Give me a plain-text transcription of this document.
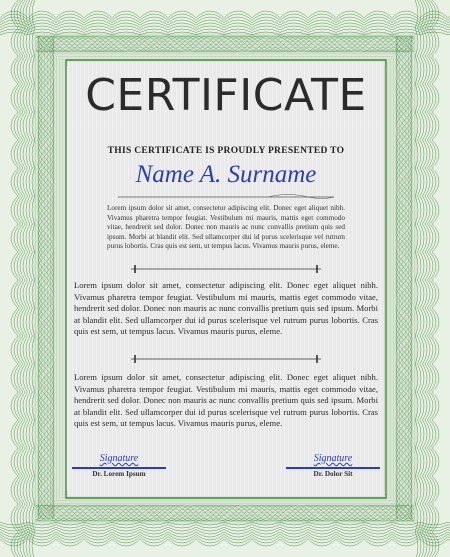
CERTIFICATE
THIS CERTIFICATE IS PROUDLY PRESENTED TO
Name A. Surname
Lorem ipsum dolor sit amet, consectetur adipiscing elit. Donec eget aliquet nibh. Vivamus pharetra tempor feugiat. Vestibulum mi mauris, mattis eget commodo vitae, hendrerit sed dolor. Donec non mauris ac nunc convallis pretium quis sed ipsum. Morbi at blandit elit. Sed ullamcorper dui id purus scelerisque vel rutrum purus lobortis. Cras quis est sem, ut tempus lacus. Vivamus mauris purus, eleme.
Lorem ipsum dolor sit amet, consectetur adipiscing elit. Donec eget aliquet nibh. Vivamus pharetra tempor feugiat. Vestibulum mi mauris, mattis eget commodo vitae, hendrerit sed dolor. Donec non mauris ac nunc convallis pretium quis sed ipsum. Morbi at blandit elit. Sed ullamcorper dui id purus scelerisque vel rutrum purus lobortis. Cras quis est sem, ut tempus lacus. Vivamus mauris purus, eleme.
Lorem ipsum dolor sit amet, consectetur adipiscing elit. Donec eget aliquet nibh. Vivamus pharetra tempor feugiat. Vestibulum mi mauris, mattis eget commodo vitae, hendrerit sed dolor. Donec non mauris ac nunc convallis pretium quis sed ipsum. Morbi at blandit elit. Sed ullamcorper dui id purus scelerisque vel rutrum purus lobortis. Cras quis est sem, ut tempus lacus. Vivamus mauris purus, eleme.
Signature
Dr. Lorem Ipsum
Signature
Dr. Dolor Sit
